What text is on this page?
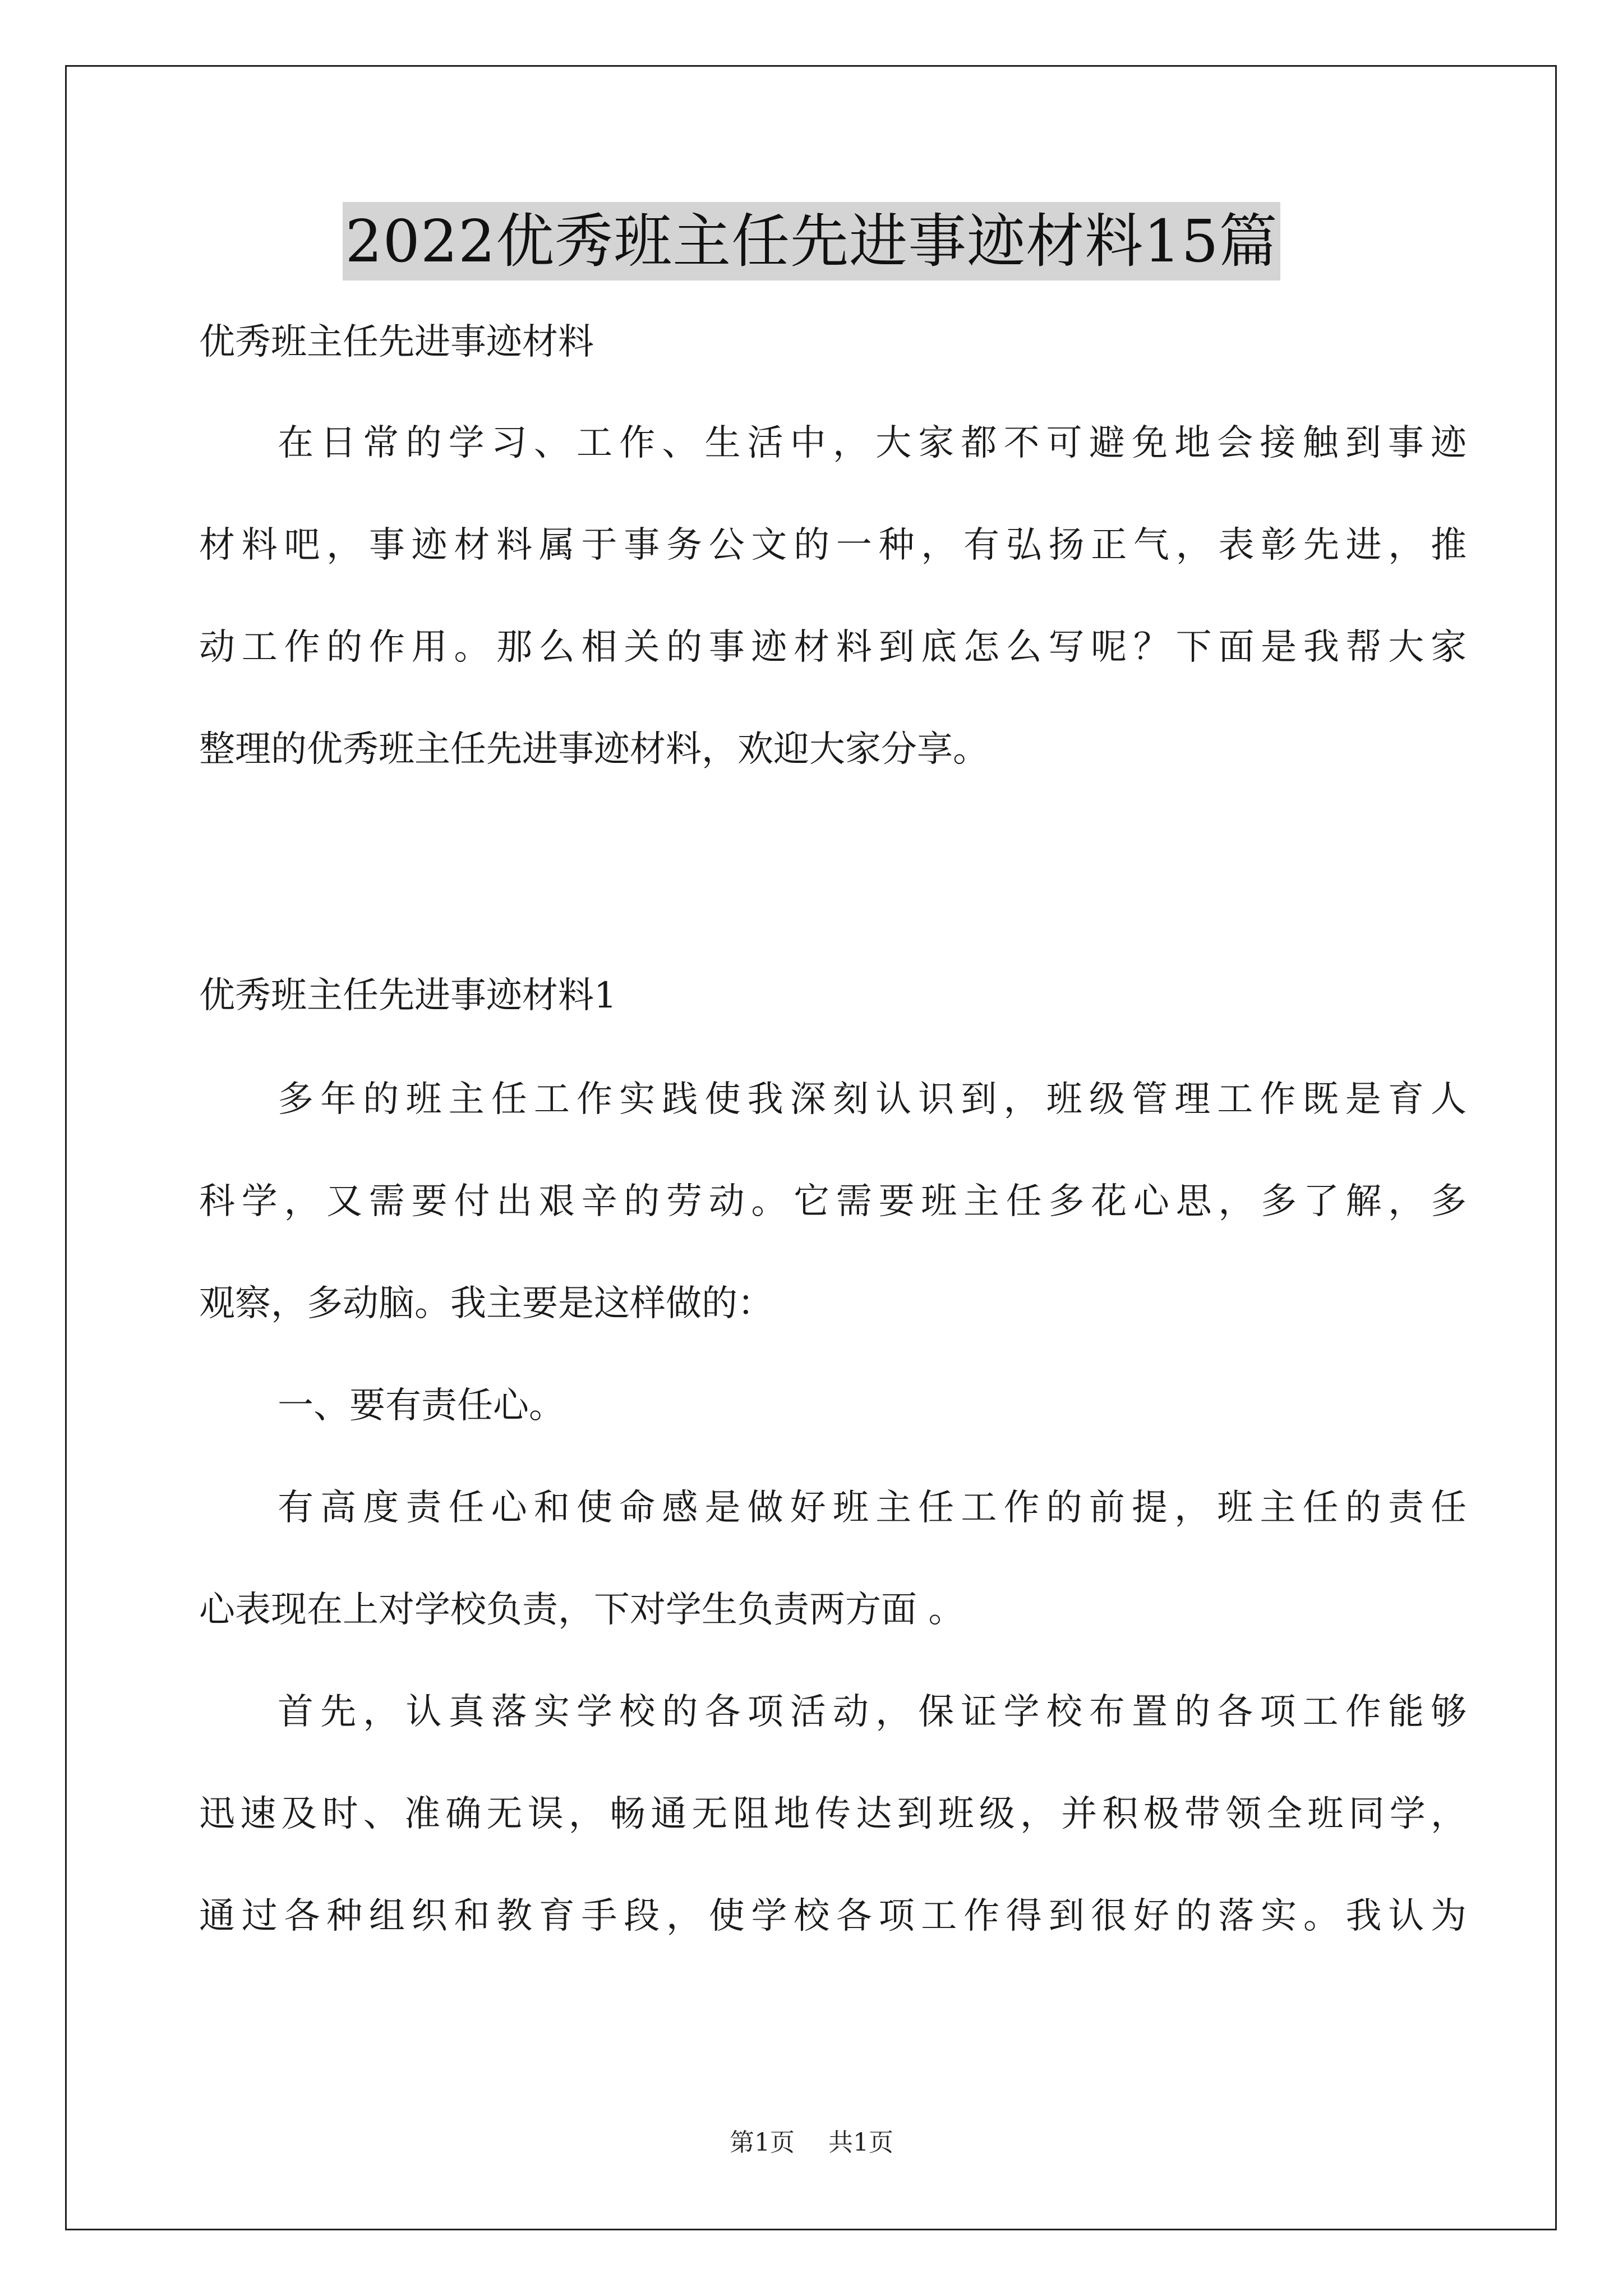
2022优秀班主任先进事迹材料15篇
优秀班主任先进事迹材料
在日常的学习、工作、生活中，大家都不可避免地会接触到事迹
材料吧，事迹材料属于事务公文的一种，有弘扬正气，表彰先进，推
动工作的作用。那么相关的事迹材料到底怎么写呢？下面是我帮大家
整理的优秀班主任先进事迹材料，欢迎大家分享。
优秀班主任先进事迹材料1
多年的班主任工作实践使我深刻认识到，班级管理工作既是育人
科学，又需要付出艰辛的劳动。它需要班主任多花心思，多了解，多
观察，多动脑。我主要是这样做的：
一、要有责任心。
有高度责任心和使命感是做好班主任工作的前提，班主任的责任
心表现在上对学校负责，下对学生负责两方面 。
首先，认真落实学校的各项活动，保证学校布置的各项工作能够
迅速及时、准确无误，畅通无阻地传达到班级，并积极带领全班同学，
通过各种组织和教育手段，使学校各项工作得到很好的落实。我认为
第1页 共1页
